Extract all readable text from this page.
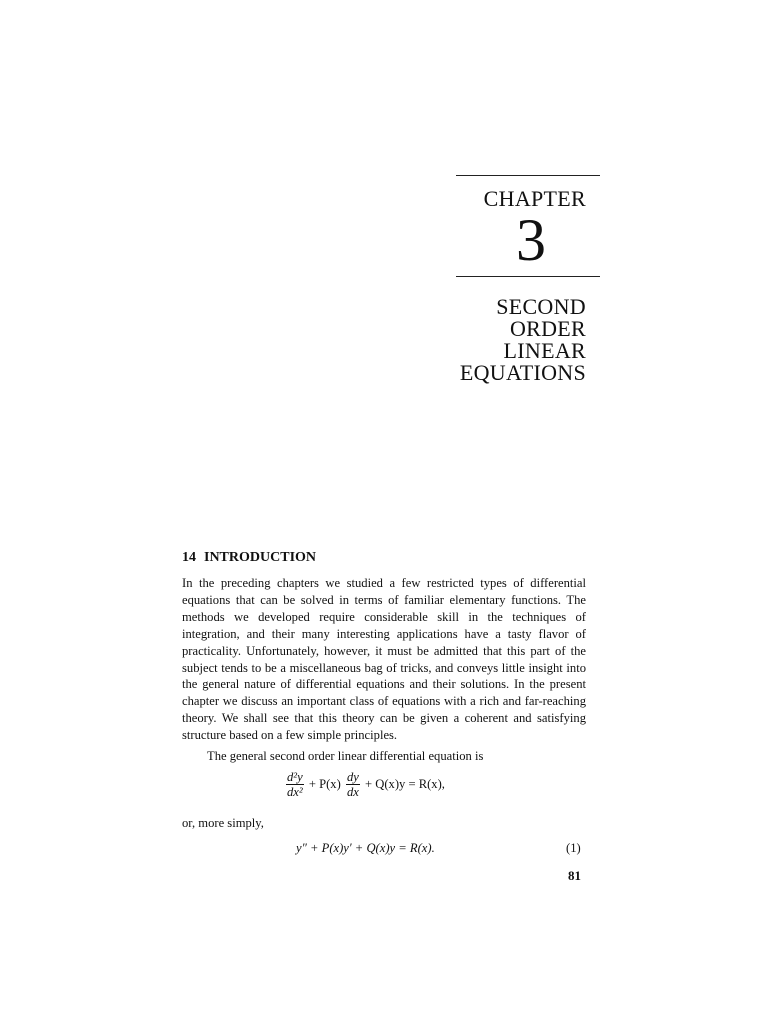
CHAPTER
3
SECOND
ORDER
LINEAR
EQUATIONS
14 INTRODUCTION
In the preceding chapters we studied a few restricted types of differential equations that can be solved in terms of familiar elementary functions. The methods we developed require considerable skill in the techniques of integration, and their many interesting applications have a tasty flavor of practicality. Unfortunately, however, it must be admitted that this part of the subject tends to be a miscellaneous bag of tricks, and conveys little insight into the general nature of differential equations and their solutions. In the present chapter we discuss an important class of equations with a rich and far-reaching theory. We shall see that this theory can be given a coherent and satisfying structure based on a few simple principles.
The general second order linear differential equation is
$\frac{\text{d²y}}{\text{dx²}} + P(x) \frac{dy}{dx} + Q(x)y = R(x)$,
or, more simply,
y″ + P(x)y′ + Q(x)y = R(x).	(1)
81
